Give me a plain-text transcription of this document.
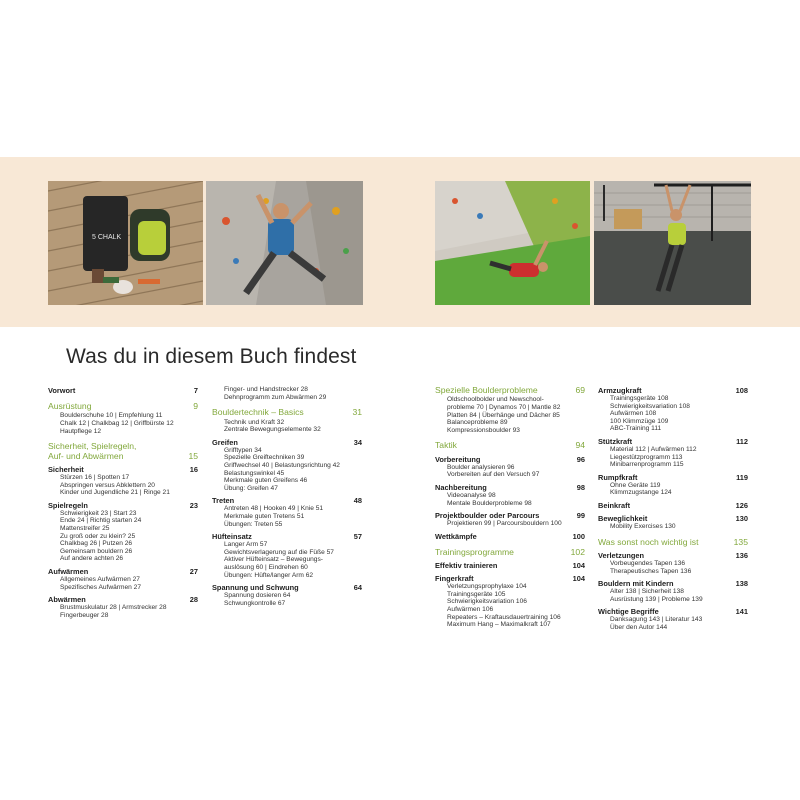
5 CHALK
Was du in diesem Buch findest
Vorwort	7
Ausrüstung	9
Boulderschuhe 10 | Empfehlung 11
Chalk 12 | Chalkbag 12 | Griffbürste 12
Hautpflege 12
Sicherheit, Spielregeln,
Auf- und Abwärmen	15
Sicherheit	16
Stürzen 16 | Spotten 17
Abspringen versus Abklettern 20
Kinder und Jugendliche 21 | Ringe 21
Spielregeln	23
Schwierigkeit 23 | Start 23
Ende 24 | Richtig starten 24
Mattenstreifer 25
Zu groß oder zu klein? 25
Chalkbag 26 | Putzen 26
Gemeinsam bouldern 26
Auf andere achten 26
Aufwärmen	27
Allgemeines Aufwärmen 27
Spezifisches Aufwärmen 27
Abwärmen	28
Brustmuskulatur 28 | Armstrecker 28
Fingerbeuger 28
Finger- und Handstrecker 28
Dehnprogramm zum Abwärmen 29
Bouldertechnik – Basics	31
Technik und Kraft 32
Zentrale Bewegungselemente 32
Greifen	34
Grifftypen 34
Spezielle Greiftechniken 39
Griffwechsel 40 | Belastungsrichtung 42
Belastungswinkel 45
Merkmale guten Greifens 46
Übung: Greifen 47
Treten	48
Antreten 48 | Hooken 49 | Knie 51
Merkmale guten Tretens 51
Übungen: Treten 55
Hüfteinsatz	57
Langer Arm 57
Gewichtsverlagerung auf die Füße 57
Aktiver Hüfteinsatz – Bewegungs-
auslösung 60 | Eindrehen 60
Übungen: Hüfte/langer Arm 62
Spannung und Schwung	64
Spannung dosieren 64
Schwungkontrolle 67
Spezielle Boulderprobleme	69
Oldschoolbolder und Newschool-
probleme 70 | Dynamos 70 | Mantle 82
Platten 84 | Überhänge und Dächer 85
Balanceprobleme 89
Kompressionsboulder 93
Taktik	94
Vorbereitung	96
Boulder analysieren 96
Vorbereiten auf den Versuch 97
Nachbereitung	98
Videoanalyse 98
Mentale Boulderprobleme 98
Projektboulder oder Parcours	99
Projektieren 99 | Parcoursbouldern 100
Wettkämpfe	100
Trainingsprogramme	102
Effektiv trainieren	104
Fingerkraft	104
Verletzungsprophylaxe 104
Trainingsgeräte 105
Schwierigkeitsvariation 106
Aufwärmen 106
Repeaters – Kraftausdauertraining 106
Maximum Hang – Maximalkraft 107
Armzugkraft	108
Trainingsgeräte 108
Schwierigkeitsvariation 108
Aufwärmen 108
100 Klimmzüge 109
ABC-Training 111
Stützkraft	112
Material 112 | Aufwärmen 112
Liegestützprogramm 113
Minibarrenprogramm 115
Rumpfkraft	119
Ohne Geräte 119
Klimmzugstange 124
Beinkraft	126
Beweglichkeit	130
Mobility Exercises 130
Was sonst noch wichtig ist	135
Verletzungen	136
Vorbeugendes Tapen 136
Therapeutisches Tapen 136
Bouldern mit Kindern	138
Alter 138 | Sicherheit 138
Ausrüstung 139 | Probleme 139
Wichtige Begriffe	141
Danksagung 143 | Literatur 143
Über den Autor 144
